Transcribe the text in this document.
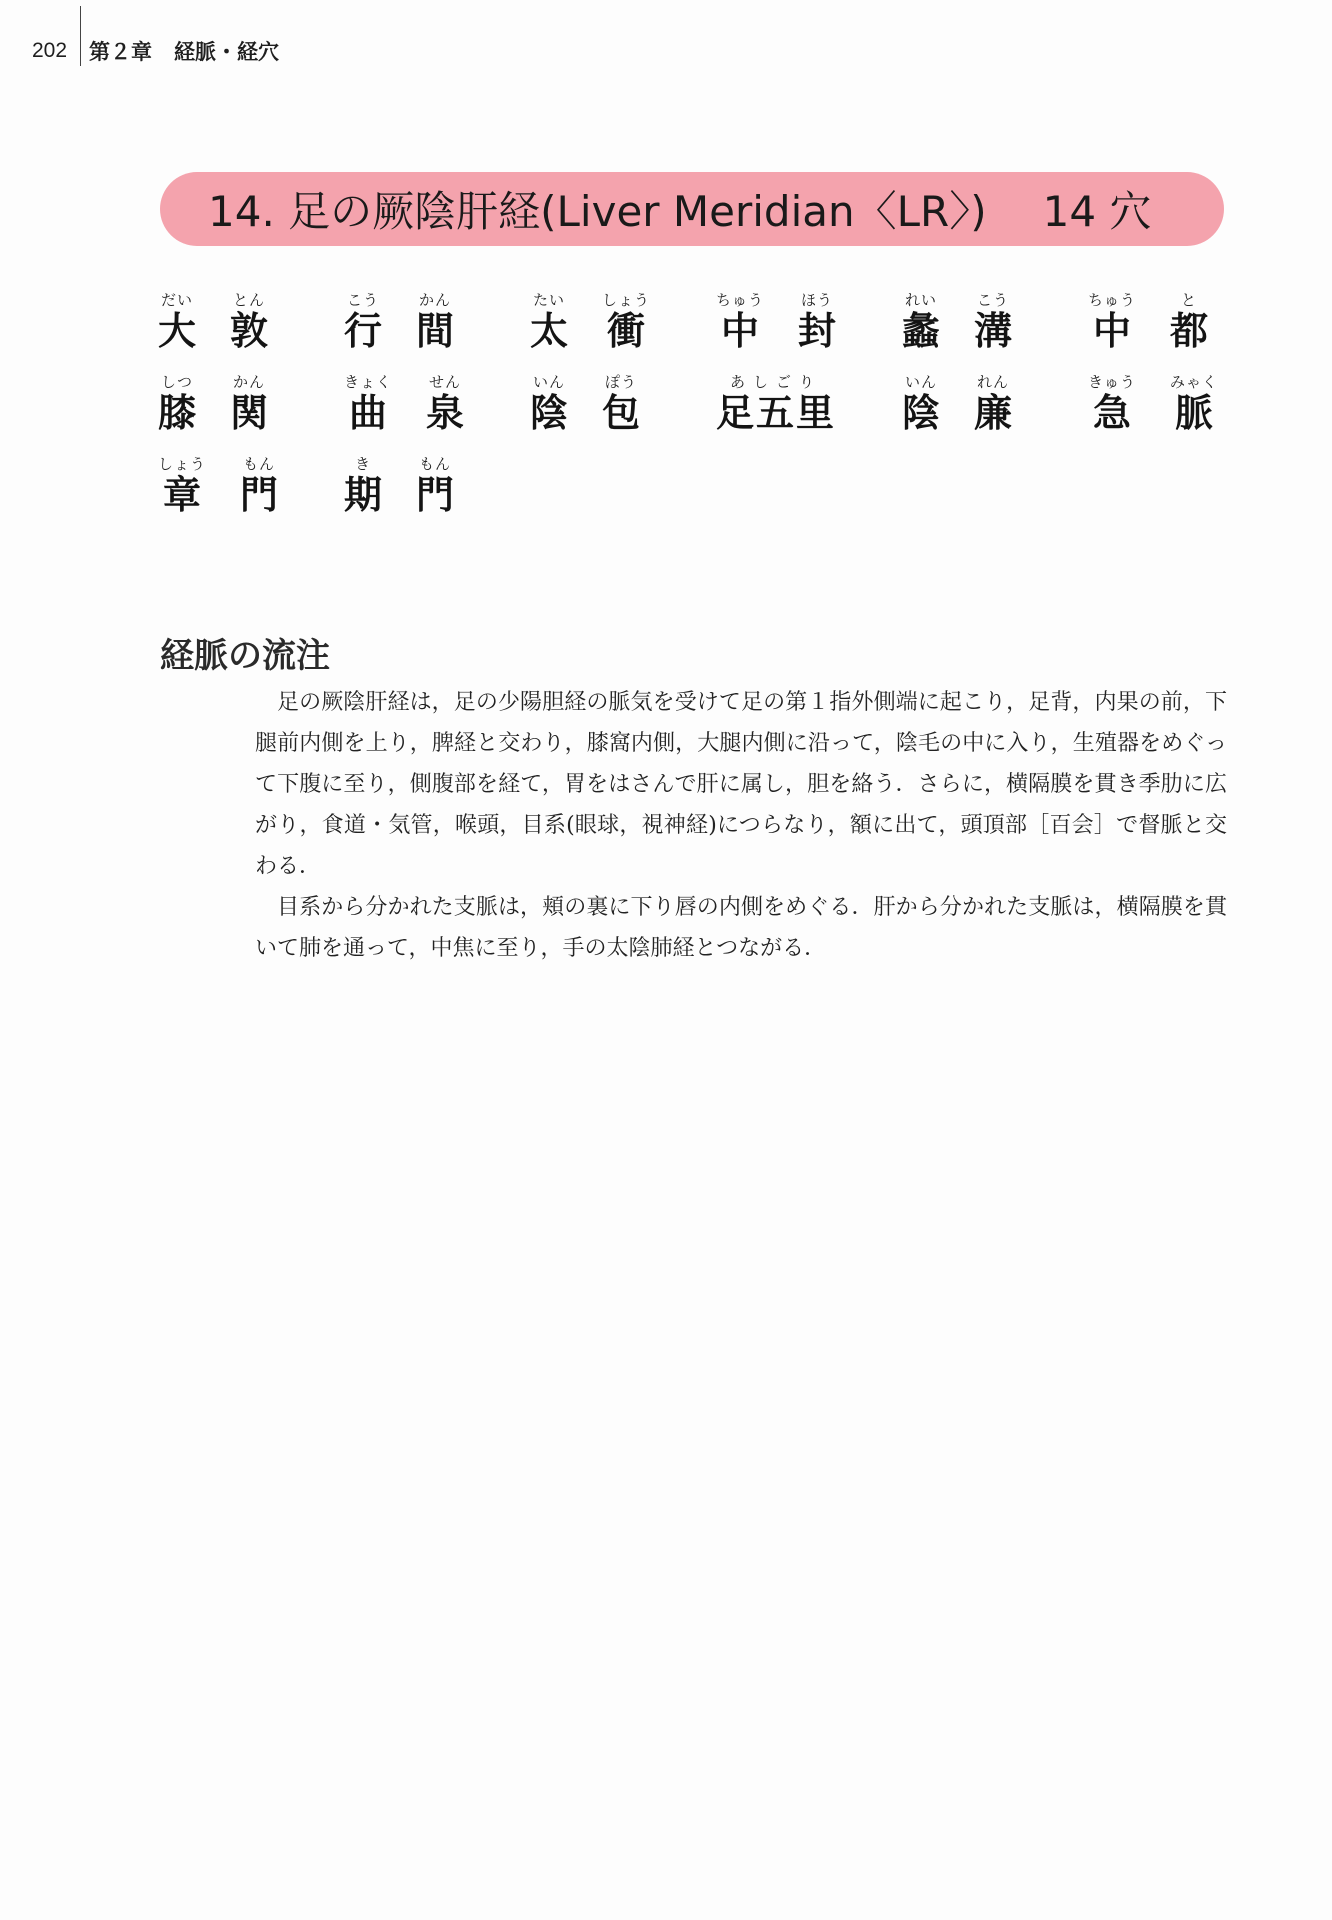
202	第２章	経脈・経穴
14. 足の厥陰肝経(Liver Meridian〈LR〉) 14 穴
だい
大
とん
敦
こう
行
かん
間
たい
太
しょう
衝
ちゅう
中
ほう
封
れい
蠡
こう
溝
ちゅう
中
と
都
しつ
膝
かん
関
きょく
曲
せん
泉
いん
陰
ぽう
包
あしごり
足五里
いん
陰
れん
廉
きゅう
急
みゃく
脈
しょう
章
もん
門
き
期
もん
門
経脈の流注

足の厥陰肝経は，足の少陽胆経の脈気を受けて足の第１指外側端に起こり，足背，内果の前，下腿前内側を上り，脾経と交わり，膝窩内側，大腿内側に沿って，陰毛の中に入り，生殖器をめぐって下腹に至り，側腹部を経て，胃をはさんで肝に属し，胆を絡う．さらに，横隔膜を貫き季肋に広がり，食道・気管，喉頭，目系(眼球，視神経)につらなり，額に出て，頭頂部［百会］で督脈と交わる．

目系から分かれた支脈は，頬の裏に下り唇の内側をめぐる．肝から分かれた支脈は，横隔膜を貫いて肺を通って，中焦に至り，手の太陰肺経とつながる．
